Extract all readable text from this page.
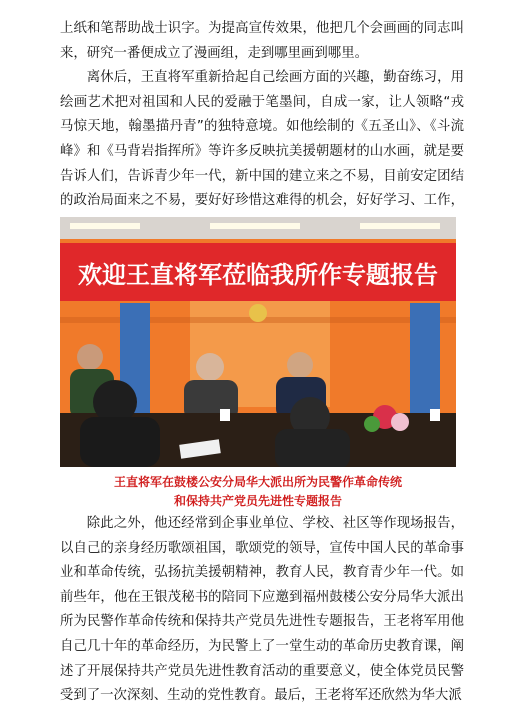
上纸和笔帮助战士识字。为提高宣传效果，他把几个会画画的同志叫来，研究一番便成立了漫画组，走到哪里画到哪里。

离休后，王直将军重新拾起自己绘画方面的兴趣，勤奋练习，用绘画艺术把对祖国和人民的爱融于笔墨间，自成一家，让人领略“戎马惊天地，翰墨描丹青”的独特意境。如他绘制的《五圣山》、《斗流峰》和《马背岩指挥所》等许多反映抗美援朝题材的山水画，就是要告诉人们，告诉青少年一代，新中国的建立来之不易，目前安定团结的政治局面来之不易，要好好珍惜这难得的机会，好好学习、工作，

欢迎王直将军莅临我所作专题报告
王直将军在鼓楼公安分局华大派出所为民警作革命传统
和保持共产党员先进性专题报告

除此之外，他还经常到企事业单位、学校、社区等作现场报告，以自己的亲身经历歌颂祖国，歌颂党的领导，宣传中国人民的革命事业和革命传统，弘扬抗美援朝精神，教育人民，教育青少年一代。如前些年，他在王银茂秘书的陪同下应邀到福州鼓楼公安分局华大派出所为民警作革命传统和保持共产党员先进性专题报告，王老将军用他自己几十年的革命经历，为民警上了一堂生动的革命历史教育课，阐述了开展保持共产党员先进性教育活动的重要意义，使全体党员民警受到了一次深刻、生动的党性教育。最后，王老将军还欣然为华大派
